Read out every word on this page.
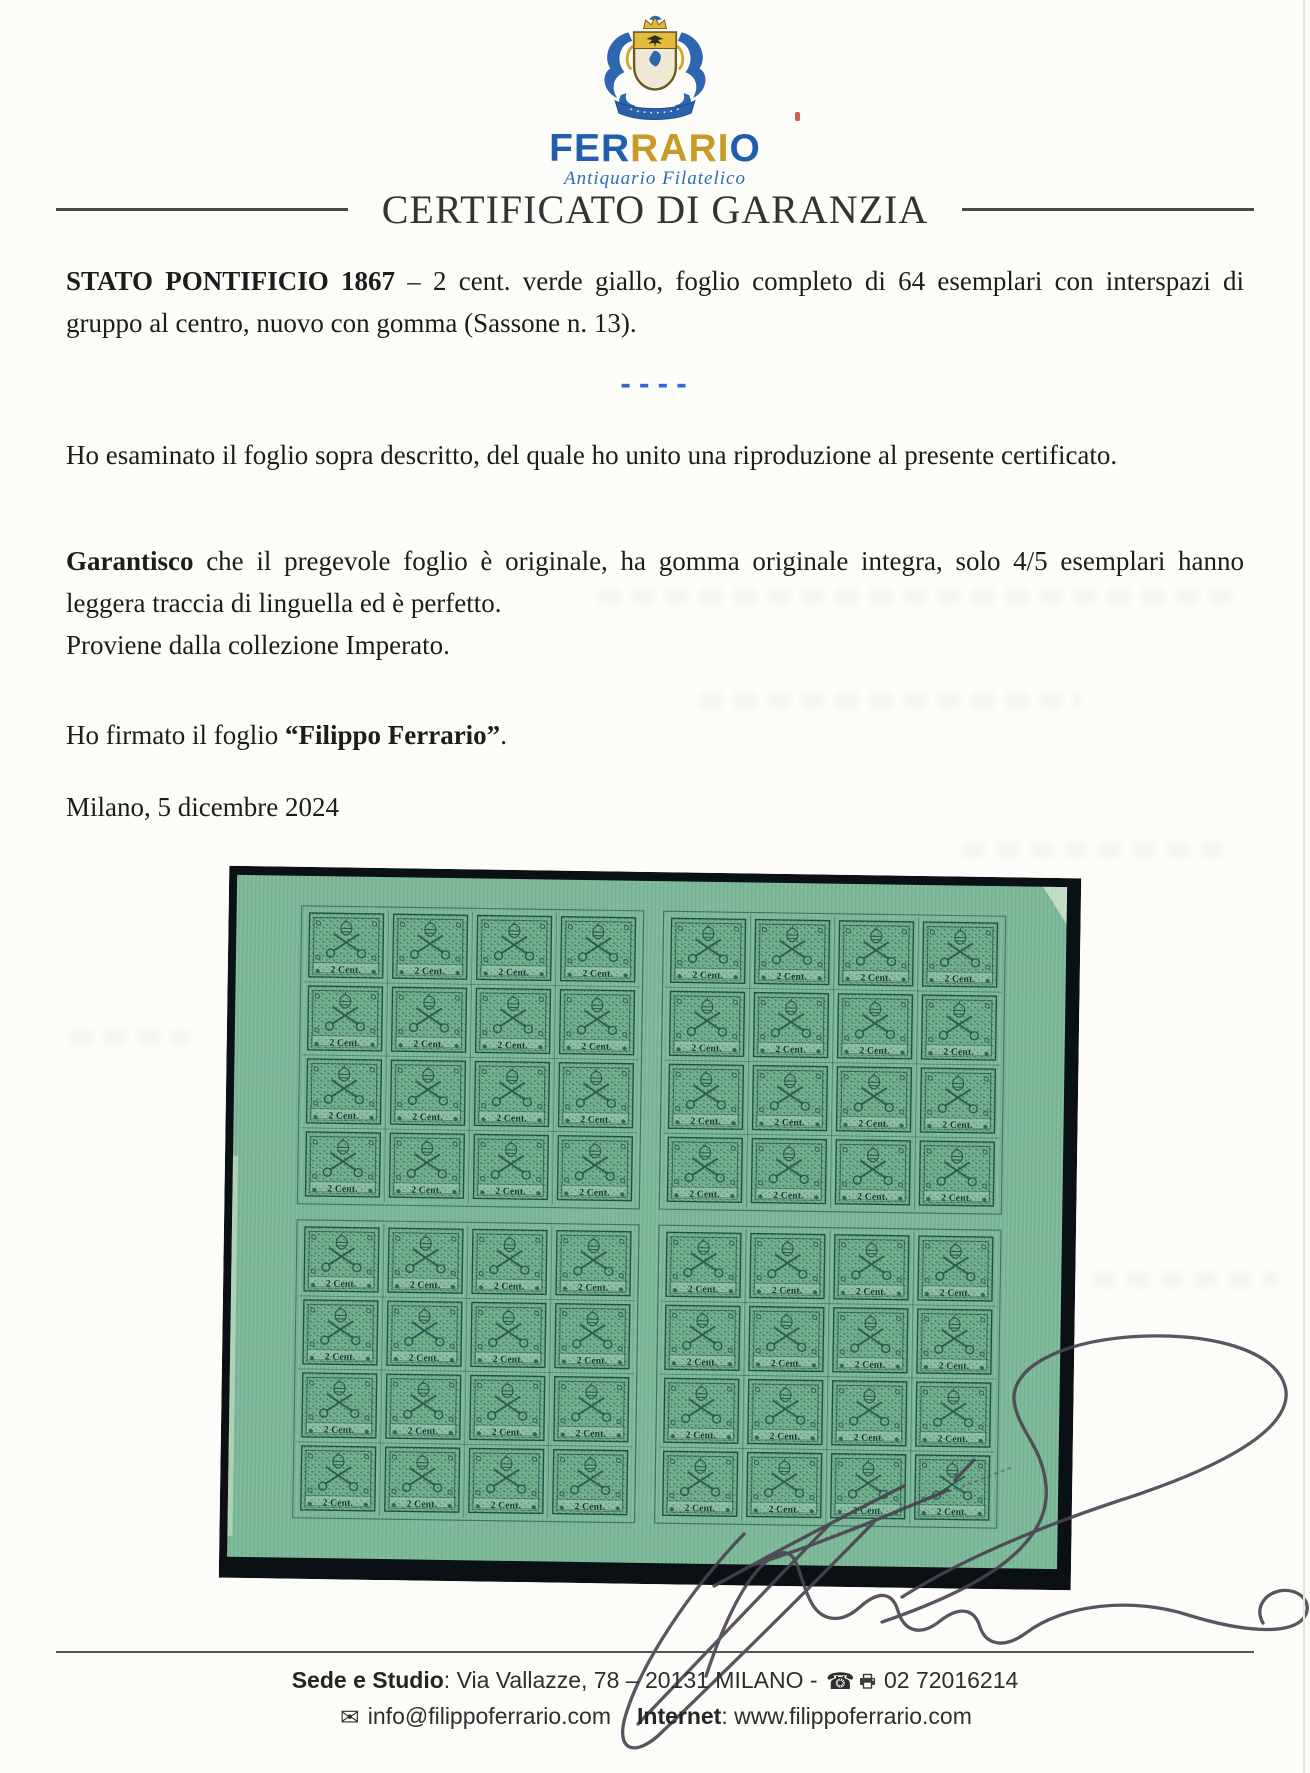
FERRARIO
Antiquario Filatelico
CERTIFICATO DI GARANZIA

STATO PONTIFICIO 1867 – 2 cent. verde giallo, foglio completo di 64 esemplari con interspazi di gruppo al centro, nuovo con gomma (Sassone n. 13).

----

Ho esaminato il foglio sopra descritto, del quale ho unito una riproduzione al presente certificato.

Garantisco che il pregevole foglio è originale, ha gomma originale integra, solo 4/5 esemplari hanno leggera traccia di linguella ed è perfetto.

Proviene dalla collezione Imperato.

Ho firmato il foglio “Filippo Ferrario”.

Milano, 5 dicembre 2024
Sede e Studio: Via Vallazze, 78 – 20131 MILANO - ☎ 02 72016214
✉ info@filippoferrario.com Internet: www.filippoferrario.com
